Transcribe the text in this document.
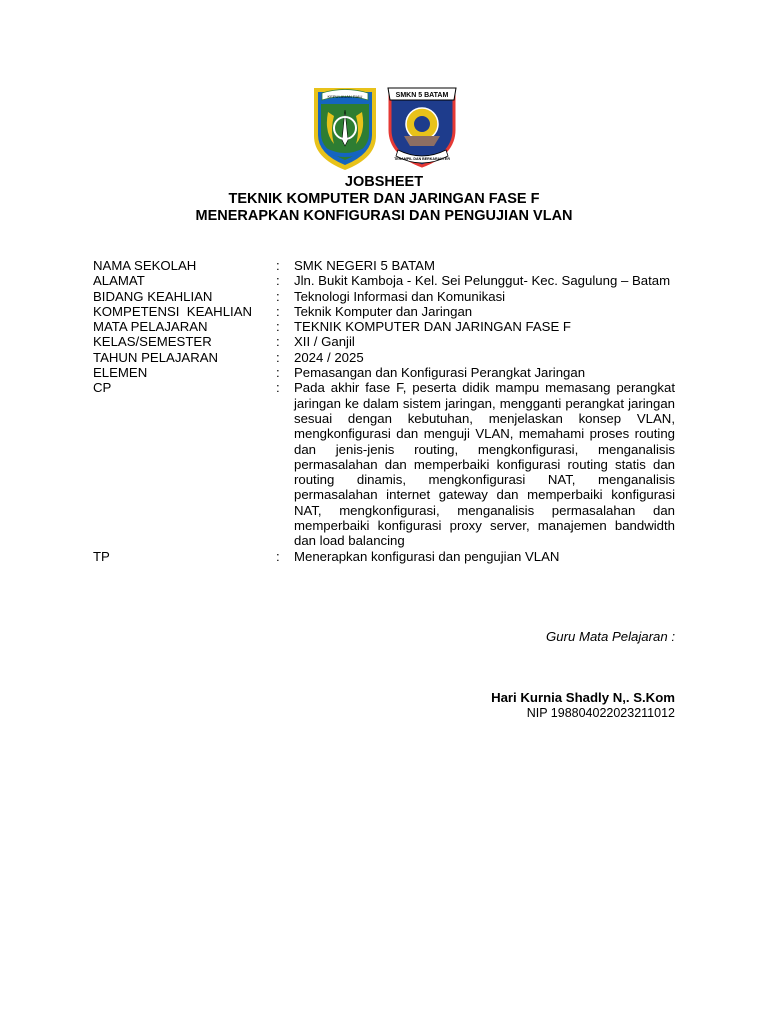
KEPULAUAN RIAU	SMKN 5 BATAM
TERAMPIL DAN BERKARAKTER
JOBSHEET
TEKNIK KOMPUTER DAN JARINGAN FASE F
MENERAPKAN KONFIGURASI DAN PENGUJIAN VLAN
NAMA SEKOLAH	:	SMK NEGERI 5 BATAM
ALAMAT	:	Jln. Bukit Kamboja - Kel. Sei Pelunggut- Kec. Sagulung – Batam
BIDANG KEAHLIAN	:	Teknologi Informasi dan Komunikasi
KOMPETENSI  KEAHLIAN	:	Teknik Komputer dan Jaringan
MATA PELAJARAN	:	TEKNIK KOMPUTER DAN JARINGAN FASE F
KELAS/SEMESTER	:	XII / Ganjil
TAHUN PELAJARAN	:	2024 / 2025
ELEMEN	:	Pemasangan dan Konfigurasi Perangkat Jaringan
CP	:	Pada akhir fase F, peserta didik mampu memasang perangkat jaringan ke dalam sistem jaringan, mengganti perangkat jaringan sesuai dengan kebutuhan, menjelaskan konsep VLAN, mengkonfigurasi dan menguji VLAN, memahami proses routing dan jenis-jenis routing, mengkonfigurasi, menganalisis permasalahan dan memperbaiki konfigurasi routing statis dan routing dinamis, mengkonfigurasi NAT, menganalisis permasalahan internet gateway dan memperbaiki konfigurasi NAT, mengkonfigurasi, menganalisis permasalahan dan memperbaiki konfigurasi proxy server, manajemen bandwidth dan load balancing
TP	:	Menerapkan konfigurasi dan pengujian VLAN
Guru Mata Pelajaran :
Hari Kurnia Shadly N,. S.Kom
NIP 198804022023211012
